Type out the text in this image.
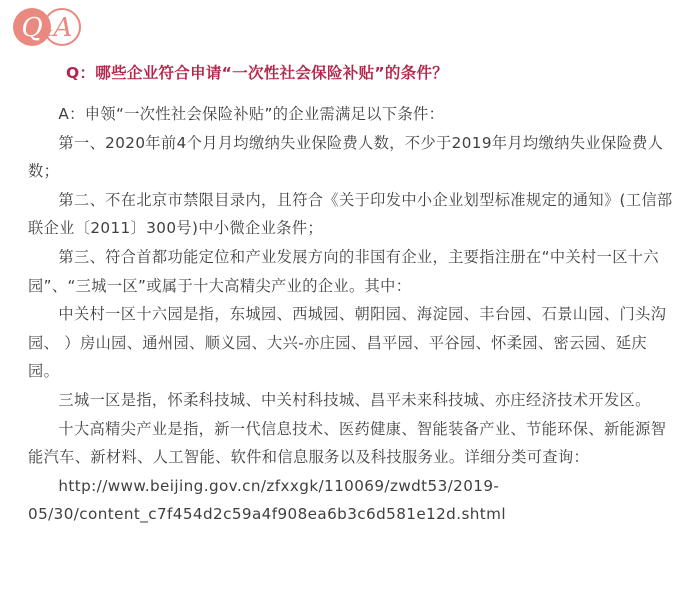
Q
& A
Q：哪些企业符合申请“一次性社会保险补贴”的条件？

A：申领“一次性社会保险补贴”的企业需满足以下条件：

第一、2020年前4个月月均缴纳失业保险费人数，不少于2019年月均缴纳失业保险费人数；

第二、不在北京市禁限目录内，且符合《关于印发中小企业划型标准规定的通知》(工信部联企业〔2011〕300号)中小微企业条件；

第三、符合首都功能定位和产业发展方向的非国有企业，主要指注册在“中关村一区十六园”、“三城一区”或属于十大高精尖产业的企业。其中：

中关村一区十六园是指，东城园、西城园、朝阳园、海淀园、丰台园、石景山园、门头沟园、 ）房山园、通州园、顺义园、大兴-亦庄园、昌平园、平谷园、怀柔园、密云园、延庆园。

三城一区是指，怀柔科技城、中关村科技城、昌平未来科技城、亦庄经济技术开发区。

十大高精尖产业是指，新一代信息技术、医药健康、智能装备产业、节能环保、新能源智能汽车、新材料、人工智能、软件和信息服务以及科技服务业。详细分类可查询：

http://www.beijing.gov.cn/zfxxgk/110069/zwdt53/2019-

05/30/content_c7f454d2c59a4f908ea6b3c6d581e12d.shtml
